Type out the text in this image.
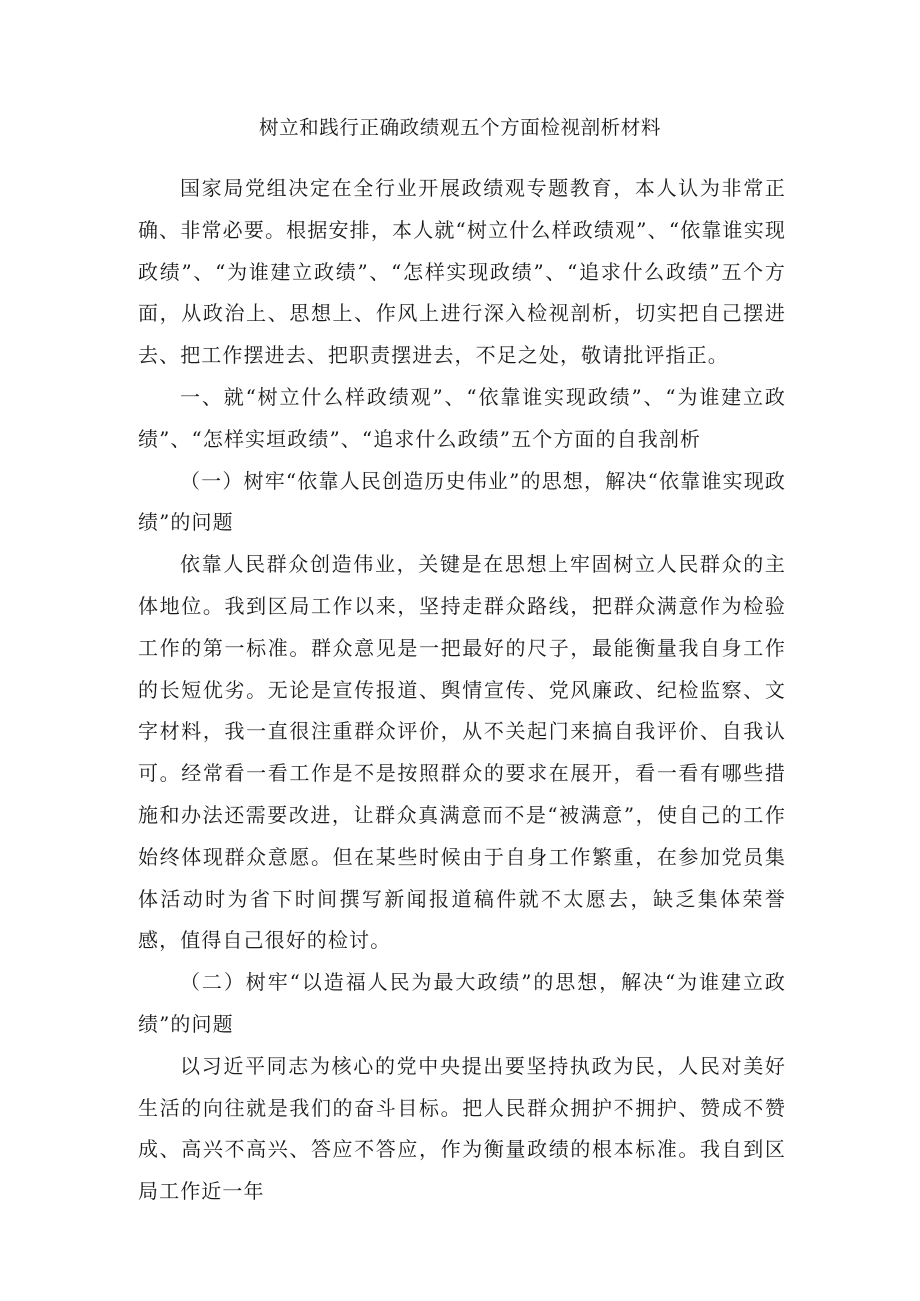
树立和践行正确政绩观五个方面检视剖析材料

国家局党组决定在全行业开展政绩观专题教育，本人认为非常正确、非常必要。根据安排，本人就“树立什么样政绩观”、“依靠谁实现政绩”、“为谁建立政绩”、“怎样实现政绩”、“追求什么政绩”五个方面，从政治上、思想上、作风上进行深入检视剖析，切实把自己摆进去、把工作摆进去、把职责摆进去，不足之处，敬请批评指正。

一、就“树立什么样政绩观”、“依靠谁实现政绩”、“为谁建立政绩”、“怎样实垣政绩”、“追求什么政绩”五个方面的自我剖析

（一）树牢“依靠人民创造历史伟业”的思想，解决“依靠谁实现政绩”的问题

依靠人民群众创造伟业，关键是在思想上牢固树立人民群众的主体地位。我到区局工作以来，坚持走群众路线，把群众满意作为检验工作的第一标准。群众意见是一把最好的尺子，最能衡量我自身工作的长短优劣。无论是宣传报道、舆情宣传、党风廉政、纪检监察、文字材料，我一直很注重群众评价，从不关起门来搞自我评价、自我认可。经常看一看工作是不是按照群众的要求在展开，看一看有哪些措施和办法还需要改进，让群众真满意而不是“被满意”，使自己的工作始终体现群众意愿。但在某些时候由于自身工作繁重，在参加党员集体活动时为省下时间撰写新闻报道稿件就不太愿去，缺乏集体荣誉感，值得自己很好的检讨。

（二）树牢“以造福人民为最大政绩”的思想，解决“为谁建立政绩”的问题

以习近平同志为核心的党中央提出要坚持执政为民，人民对美好生活的向往就是我们的奋斗目标。把人民群众拥护不拥护、赞成不赞成、高兴不高兴、答应不答应，作为衡量政绩的根本标准。我自到区局工作近一年
